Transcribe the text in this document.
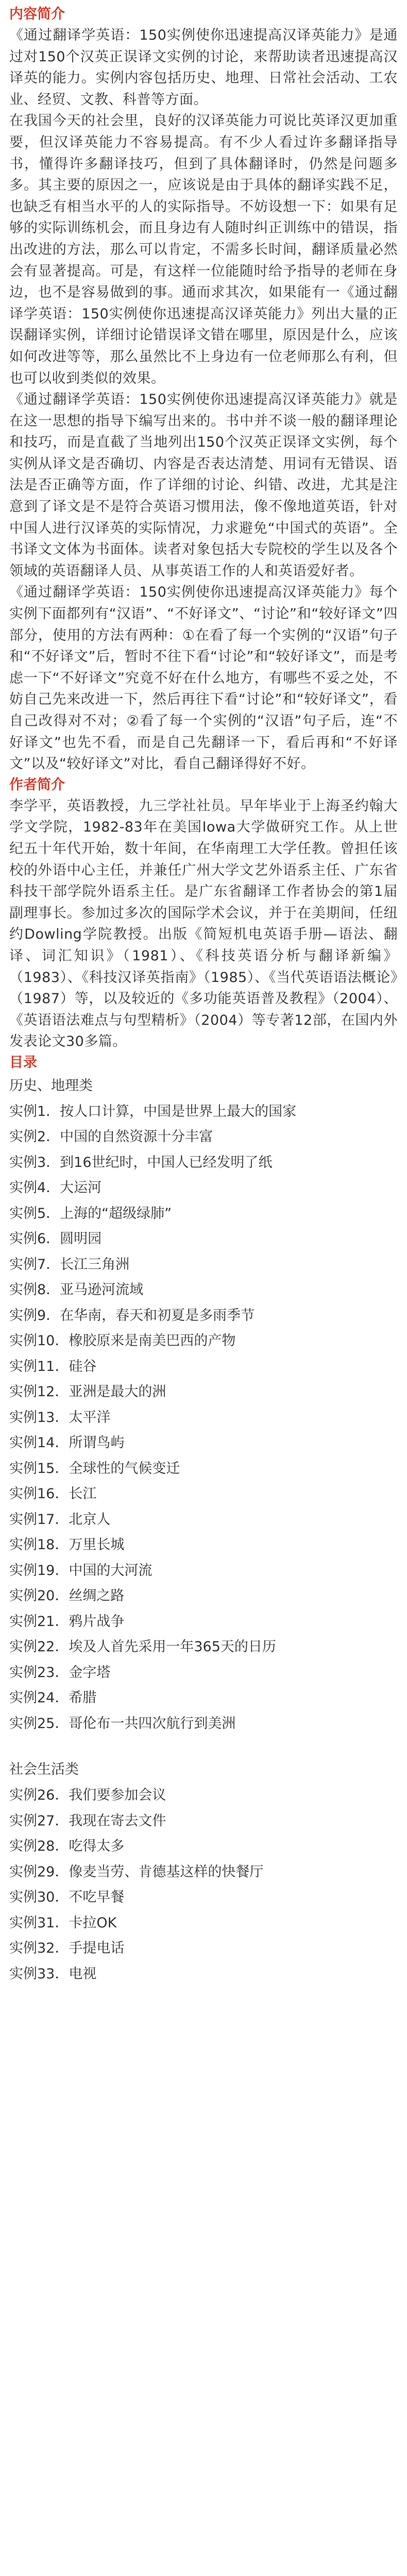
内容简介

《通过翻译学英语：150实例使你迅速提高汉译英能力》是通过对150个汉英正误译文实例的讨论，来帮助读者迅速提高汉译英的能力。实例内容包括历史、地理、日常社会活动、工农业、经贸、文教、科普等方面。

在我国今天的社会里，良好的汉译英能力可说比英译汉更加重要，但汉译英能力不容易提高。有不少人看过许多翻译指导书，懂得许多翻译技巧，但到了具体翻译时，仍然是问题多多。其主要的原因之一，应该说是由于具体的翻译实践不足，也缺乏有相当水平的人的实际指导。不妨设想一下：如果有足够的实际训练机会，而且身边有人随时纠正训练中的错误，指出改进的方法，那么可以肯定，不需多长时间，翻译质量必然会有显著提高。可是，有这样一位能随时给予指导的老师在身边，也不是容易做到的事。通而求其次，如果能有一《通过翻译学英语：150实例使你迅速提高汉译英能力》列出大量的正误翻译实例，详细讨论错误译文错在哪里，原因是什么，应该如何改进等等，那么虽然比不上身边有一位老师那么有利，但也可以收到类似的效果。

《通过翻译学英语：150实例使你迅速提高汉译英能力》就是在这一思想的指导下编写出来的。书中并不谈一般的翻译理论和技巧，而是直截了当地列出150个汉英正误译文实例，每个实例从译文是否确切、内容是否表达清楚、用词有无错误、语法是否正确等方面，作了详细的讨论、纠错、改进，尤其是注意到了译文是不是符合英语习惯用法，像不像地道英语，针对中国人进行汉译英的实际情况，力求避免“中国式的英语”。全书译文文体为书面体。读者对象包括大专院校的学生以及各个领域的英语翻译人员、从事英语工作的人和英语爱好者。

《通过翻译学英语：150实例使你迅速提高汉译英能力》每个实例下面都列有“汉语”、“不好译文”、“讨论”和“较好译文”四部分，使用的方法有两种：①在看了每一个实例的“汉语”句子和“不好译文”后，暂时不往下看“讨论”和“较好译文”，而是考虑一下“不好译文”究竟不好在什么地方，有哪些不妥之处，不妨自己先来改进一下，然后再往下看“讨论”和“较好译文”，看自己改得对不对；②看了每一个实例的“汉语”句子后，连“不好译文”也先不看，而是自己先翻译一下，看后再和“不好译文”以及“较好译文”对比，看自己翻译得好不好。

作者简介

李学平，英语教授，九三学社社员。早年毕业于上海圣约翰大学文学院，1982-83年在美国Iowa大学做研究工作。从上世纪五十年代开始，数十年间，在华南理工大学任教。曾担任该校的外语中心主任，并兼任广州大学文艺外语系主任、广东省科技干部学院外语系主任。是广东省翻译工作者协会的第1届副理事长。参加过多次的国际学术会议，并于在美期间，任纽约Dowling学院教授。出版《简短机电英语手册—语法、翻译、词汇知识》（1981）、《科技英语分析与翻译新编》（1983）、《科技汉译英指南》（1985）、《当代英语语法概论》（1987）等，以及较近的《多功能英语普及教程》（2004）、《英语语法难点与句型精析》（2004）等专著12部，在国内外发表论文30多篇。

目录

历史、地理类

实例1．按人口计算，中国是世界上最大的国家
实例2．中国的自然资源十分丰富
实例3．到16世纪时，中国人已经发明了纸
实例4．大运河
实例5．上海的“超级绿肺”
实例6．圆明园
实例7．长江三角洲
实例8．亚马逊河流域
实例9．在华南，春天和初夏是多雨季节
实例10．橡胶原来是南美巴西的产物
实例11．硅谷
实例12．亚洲是最大的洲
实例13．太平洋
实例14．所谓鸟屿
实例15．全球性的气候变迁
实例16．长江
实例17．北京人
实例18．万里长城
实例19．中国的大河流
实例20．丝绸之路
实例21．鸦片战争
实例22．埃及人首先采用一年365天的日历
实例23．金字塔
实例24．希腊
实例25．哥伦布一共四次航行到美洲

社会生活类

实例26．我们要参加会议
实例27．我现在寄去文件
实例28．吃得太多
实例29．像麦当劳、肯德基这样的快餐厅
实例30．不吃早餐
实例31．卡拉OK
实例32．手提电话
实例33．电视
